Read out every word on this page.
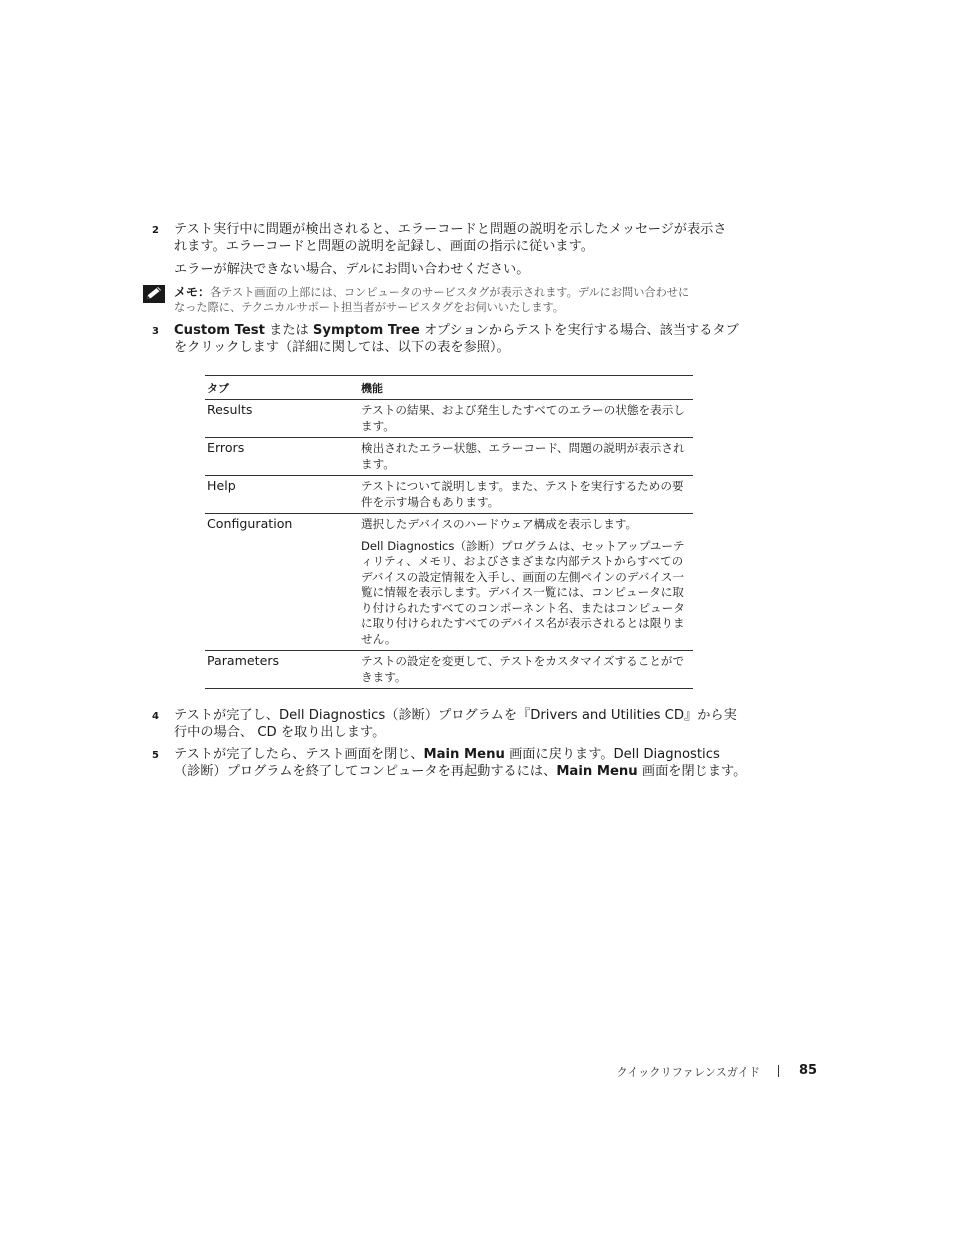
2 テスト実行中に問題が検出されると、エラーコードと問題の説明を示したメッセージが表示さ
れます。エラーコードと問題の説明を記録し、画面の指示に従います。

エラーが解決できない場合、デルにお問い合わせください。

メモ：各テスト画面の上部には、コンピュータのサービスタグが表示されます。デルにお問い合わせに
なった際に、テクニカルサポート担当者がサービスタグをお伺いいたします。
3 Custom Test または Symptom Tree オプションからテストを実行する場合、該当するタブ
をクリックします（詳細に関しては、以下の表を参照）。

タブ	機能
Results	テストの結果、および発生したすべてのエラーの状態を表示します。

Errors	検出されたエラー状態、エラーコード、問題の説明が表示されます。

Help	テストについて説明します。また、テストを実行するための要件を示す場合もあります。

Configuration	選択したデバイスのハードウェア構成を表示します。

Dell Diagnostics（診断）プログラムは、セットアップユーティリティ、メモリ、およびさまざまな内部テストからすべてのデバイスの設定情報を入手し、画面の左側ペインのデバイス一覧に情報を表示します。デバイス一覧には、コンピュータに取り付けられたすべてのコンポーネント名、またはコンピュータに取り付けられたすべてのデバイス名が表示されるとは限りません。

Parameters	テストの設定を変更して、テストをカスタマイズすることができます。

4 テストが完了し、Dell Diagnostics（診断）プログラムを『Drivers and Utilities CD』から実
行中の場合、 CD を取り出します。

5 テストが完了したら、テスト画面を閉じ、Main Menu 画面に戻ります。Dell Diagnostics
（診断）プログラムを終了してコンピュータを再起動するには、Main Menu 画面を閉じます。

クイックリファレンスガイド	85
